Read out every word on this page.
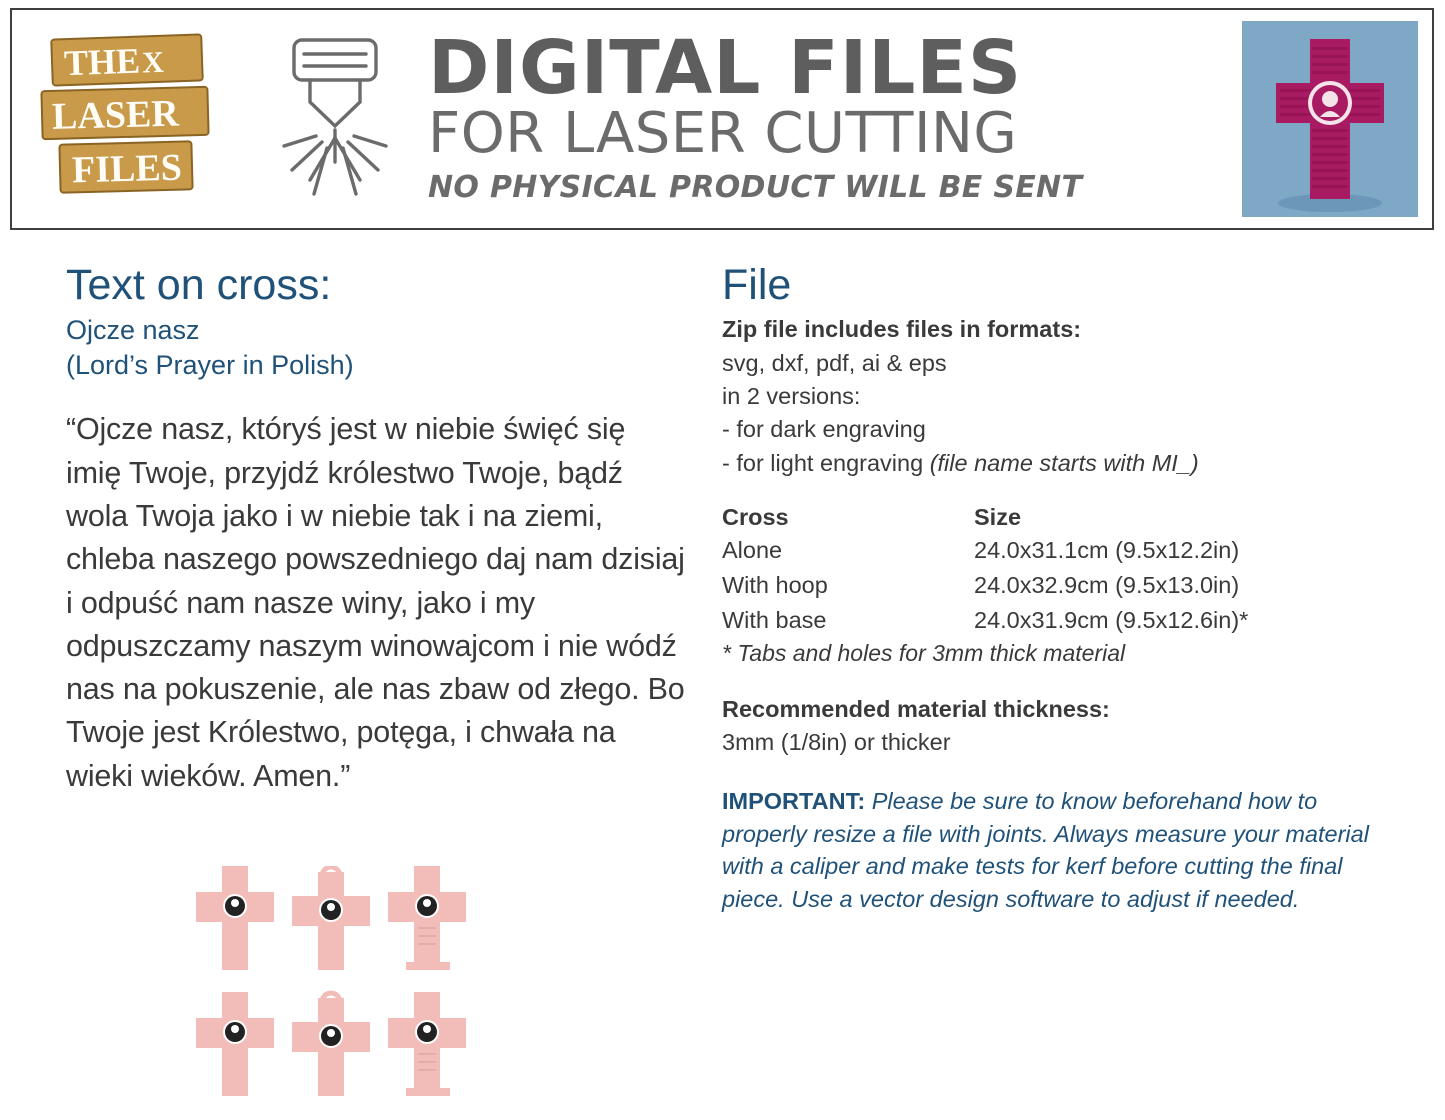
THE X
LASER
FILES
DIGITAL FILES
FOR LASER CUTTING
NO PHYSICAL PRODUCT WILL BE SENT
Text on cross:
Ojcze nasz
(Lord’s Prayer in Polish)
“Ojcze nasz, któryś jest w niebie święć się imię Twoje, przyjdź królestwo Twoje, bądź wola Twoja jako i w niebie tak i na ziemi, chleba naszego powszedniego daj nam dzisiaj i odpuść nam nasze winy, jako i my odpuszczamy naszym winowajcom i nie wódź nas na pokuszenie, ale nas zbaw od złego. Bo Twoje jest Królestwo, potęga, i chwała na wieki wieków. Amen.”
File
Zip file includes files in formats:
svg, dxf, pdf, ai & eps
in 2 versions:
- for dark engraving
- for light engraving (file name starts with MI_)
Cross	Size
Alone	24.0x31.1cm (9.5x12.2in)
With hoop	24.0x32.9cm (9.5x13.0in)
With base	24.0x31.9cm (9.5x12.6in)*
* Tabs and holes for 3mm thick material
Recommended material thickness:
3mm (1/8in) or thicker
IMPORTANT: Please be sure to know beforehand how to properly resize a file with joints. Always measure your material with a caliper and make tests for kerf before cutting the final piece. Use a vector design software to adjust if needed.
